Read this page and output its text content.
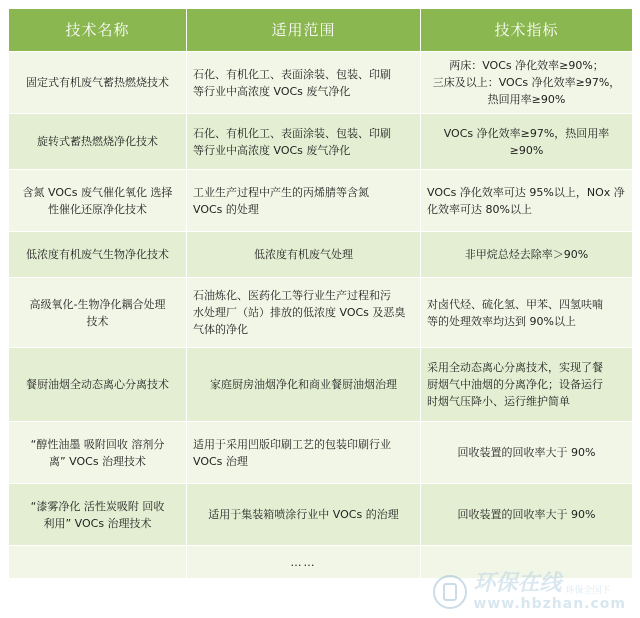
技术名称	适用范围	技术指标

固定式有机废气蓄热燃烧技术	石化、有机化工、表面涂装、包装、印刷
等行业中高浓度 VOCs 废气净化	两床：VOCs 净化效率≥90%；
三床及以上：VOCs 净化效率≥97%，
热回用率≥90%

旋转式蓄热燃烧净化技术	石化、有机化工、表面涂装、包装、印刷
等行业中高浓度 VOCs 废气净化	VOCs 净化效率≥97%，热回用率≥90%

含氮 VOCs 废气催化氧化 选择
性催化还原净化技术	工业生产过程中产生的丙烯腈等含氮
VOCs 的处理	VOCs 净化效率可达 95%以上，NOx 净
化效率可达 80%以上

低浓度有机废气生物净化技术	低浓度有机废气处理	非甲烷总烃去除率＞90%

高级氧化-生物净化耦合处理
技术	石油炼化、医药化工等行业生产过程和污
水处理厂（站）排放的低浓度 VOCs 及恶臭
气体的净化	对卤代烃、硫化氢、甲苯、四氢呋喃
等的处理效率均达到 90%以上

餐厨油烟全动态离心分离技术	家庭厨房油烟净化和商业餐厨油烟治理	采用全动态离心分离技术，实现了餐
厨烟气中油烟的分离净化；设备运行
时烟气压降小、运行维护简单

“醇性油墨 吸附回收 溶剂分
离” VOCs 治理技术	适用于采用凹版印刷工艺的包装印刷行业
VOCs 治理	回收装置的回收率大于 90%

“漆雾净化 活性炭吸附 回收
利用” VOCs 治理技术	适用于集装箱喷涂行业中 VOCs 的治理	回收装置的回收率大于 90%

	……	
环保在线 环保全国下
www.hbzhan.com
